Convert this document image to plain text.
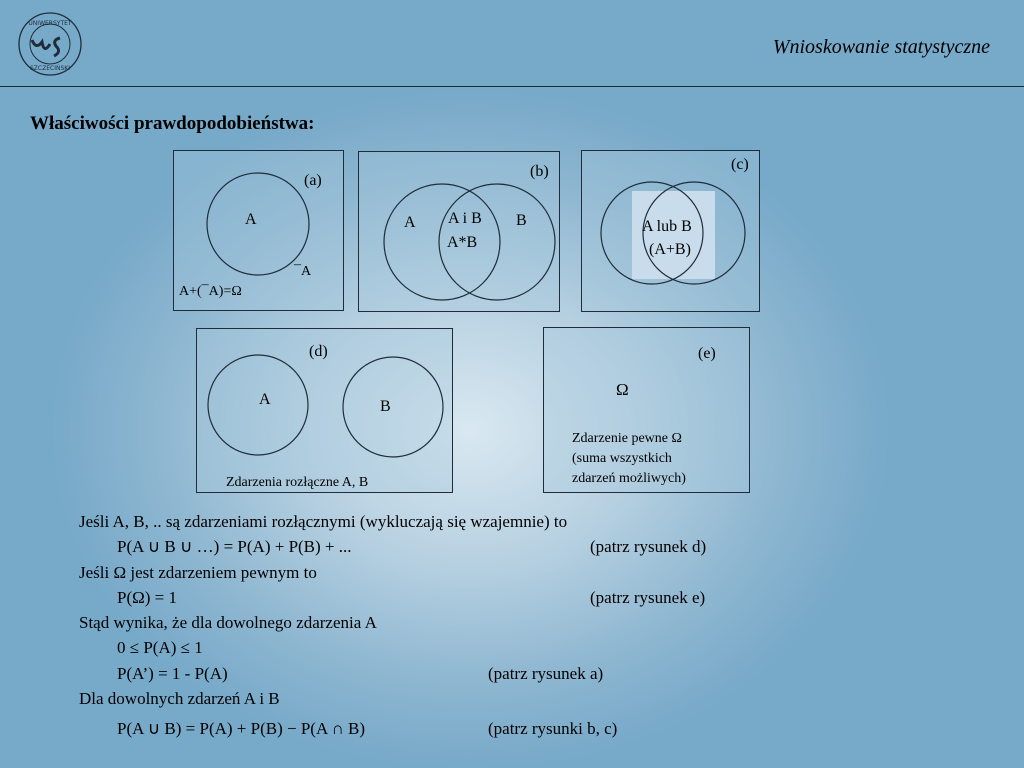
UNIWERSYTET
SZCZECIŃSKI
Wnioskowanie statystyczne
Właściwości prawdopodobieństwa:
(a)
A
¯A
A+(¯A)=Ω
(b)
A	B
A i B
A*B
(c)
A lub B
(A+B)
(d)
A	B
Zdarzenia rozłączne A, B
(e)
Ω
Zdarzenie pewne Ω
(suma wszystkich
zdarzeń możliwych)
Jeśli A, B, .. są zdarzeniami rozłącznymi (wykluczają się wzajemnie) to
P(A ∪ B ∪ …) = P(A) + P(B) + ...	(patrz rysunek d)
Jeśli Ω jest zdarzeniem pewnym to
P(Ω) = 1	(patrz rysunek e)
Stąd wynika, że dla dowolnego zdarzenia A
0 ≤ P(A) ≤ 1
P(A’) = 1 - P(A)	(patrz rysunek a)
Dla dowolnych zdarzeń A i B
P(A ∪ B) = P(A) + P(B) − P(A ∩ B)	(patrz rysunki b, c)
